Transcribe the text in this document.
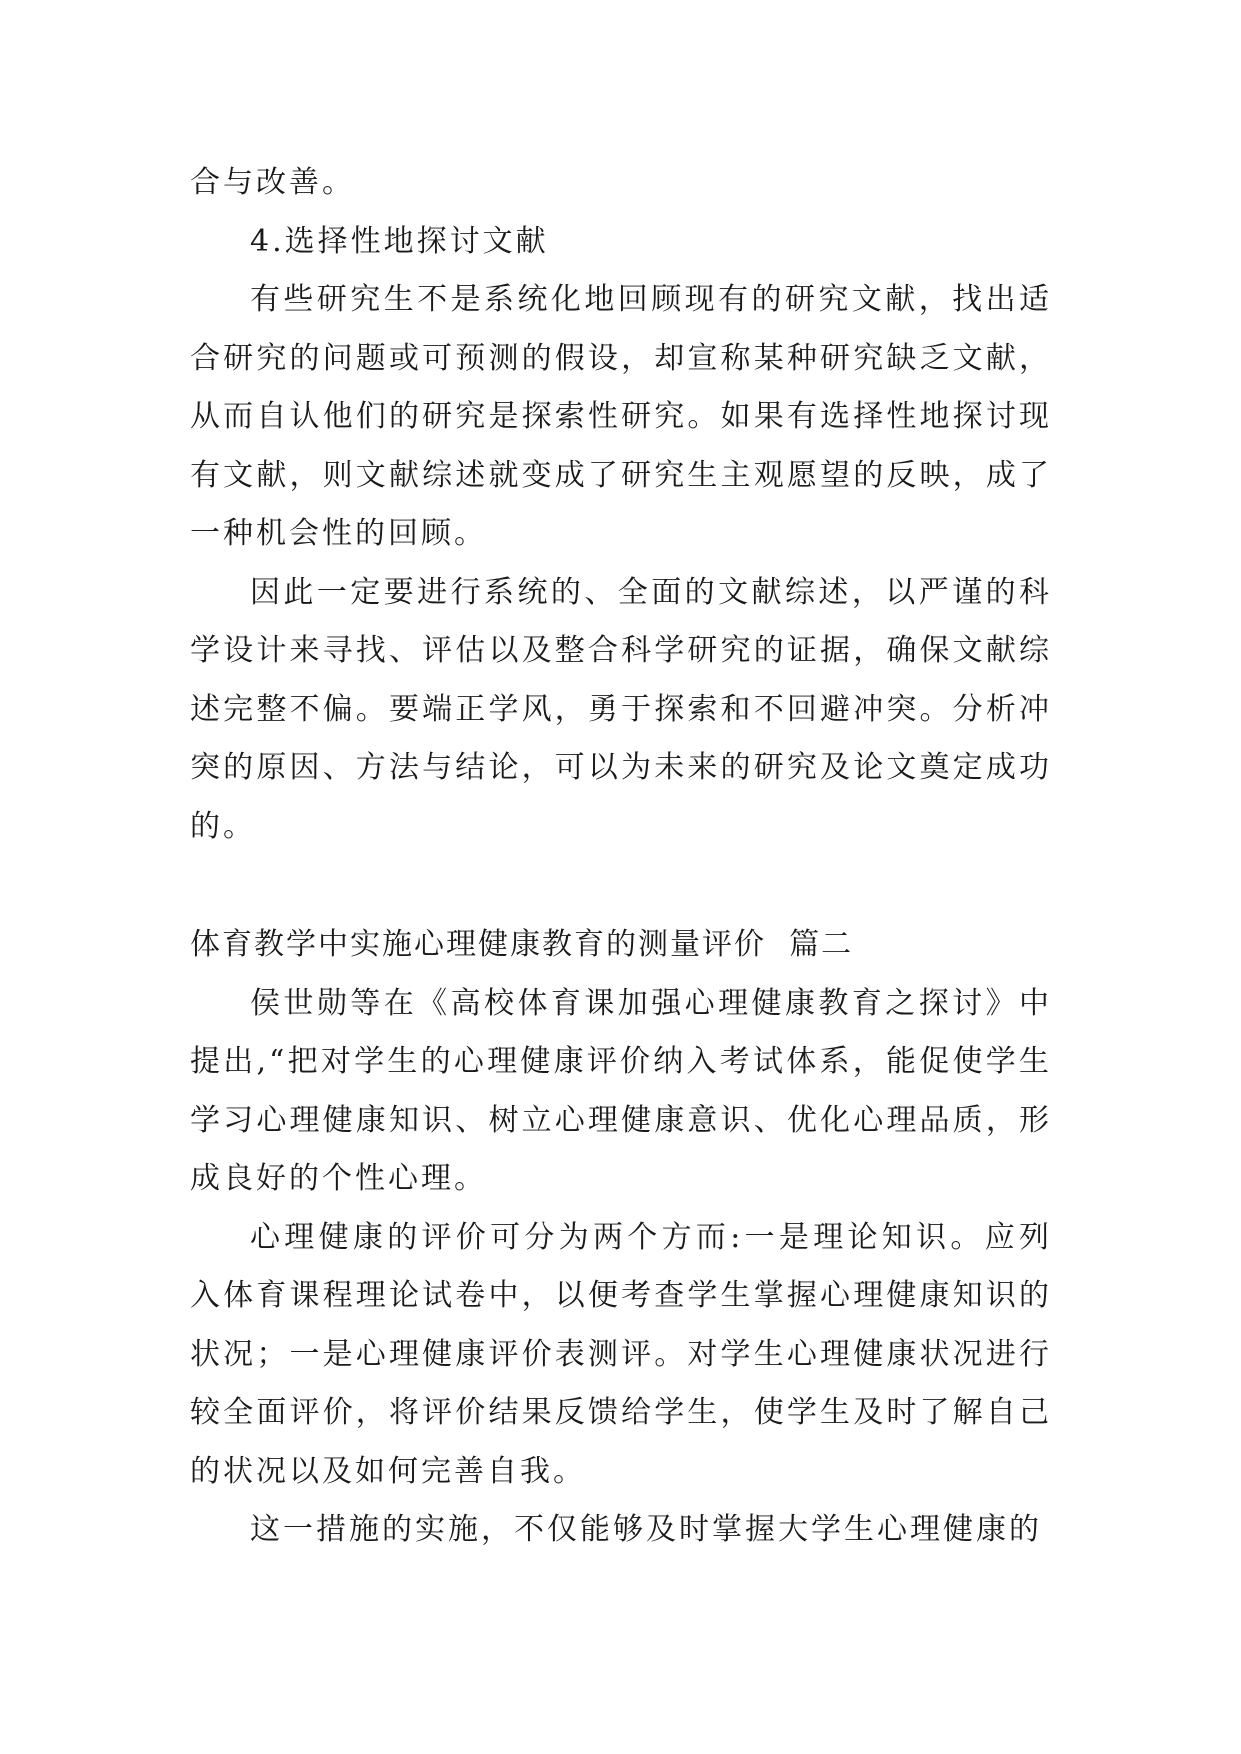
合与改善。

4.选择性地探讨文献

有些研究生不是系统化地回顾现有的研究文献，找出适合研究的问题或可预测的假设，却宣称某种研究缺乏文献，从而自认他们的研究是探索性研究。如果有选择性地探讨现有文献，则文献综述就变成了研究生主观愿望的反映，成了一种机会性的回顾。

因此一定要进行系统的、全面的文献综述，以严谨的科学设计来寻找、评估以及整合科学研究的证据，确保文献综述完整不偏。要端正学风，勇于探索和不回避冲突。分析冲突的原因、方法与结论，可以为未来的研究及论文奠定成功的。

体育教学中实施心理健康教育的测量评价  篇二

侯世勋等在《高校体育课加强心理健康教育之探讨》中提出,“把对学生的心理健康评价纳入考试体系，能促使学生学习心理健康知识、树立心理健康意识、优化心理品质，形成良好的个性心理。

心理健康的评价可分为两个方而:一是理论知识。应列入体育课程理论试卷中，以便考查学生掌握心理健康知识的状况；一是心理健康评价表测评。对学生心理健康状况进行较全面评价，将评价结果反馈给学生，使学生及时了解自己的状况以及如何完善自我。

这一措施的实施，不仅能够及时掌握大学生心理健康的
